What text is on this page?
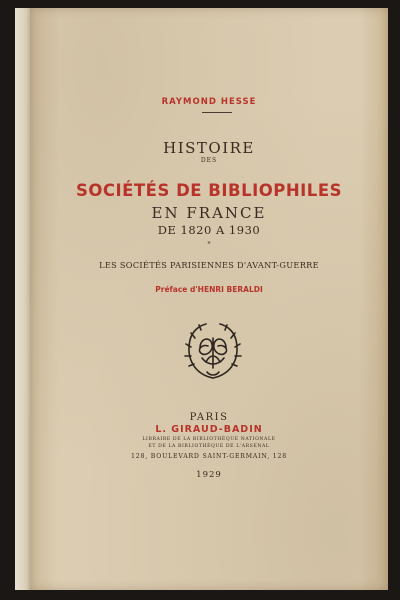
RAYMOND HESSE
HISTOIRE
DES
SOCIÉTÉS DE BIBLIOPHILES
EN FRANCE
DE 1820 A 1930
*
LES SOCIÉTÉS PARISIENNES D'AVANT-GUERRE
Préface d'HENRI BERALDI
PARIS
L. GIRAUD-BADIN
LIBRAIRE DE LA BIBLIOTHÈQUE NATIONALE
ET DE LA BIBLIOTHÈQUE DE L'ARSENAL
128, BOULEVARD SAINT-GERMAIN, 128
1929
